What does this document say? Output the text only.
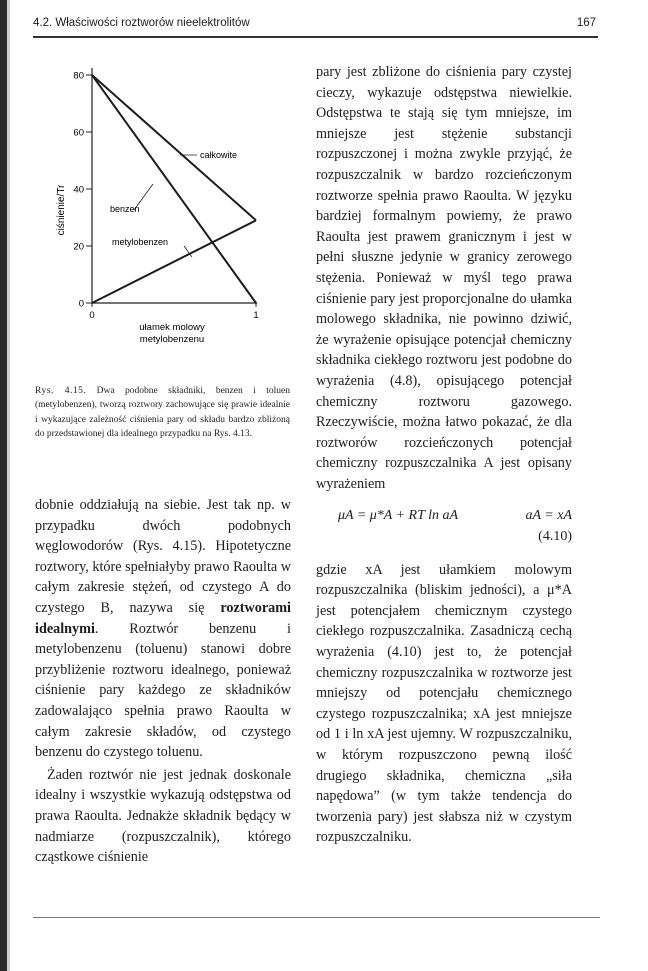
4.2. Właściwości roztworów nieelektrolitów	167
ciśnienie/Tr
ułamek molowy
metylobenzenu
0
20
40
60
80
0	1
całkowite
benzen
metylobenzen
Rys. 4.15. Dwa podobne składniki, benzen i toluen (metylobenzen), tworzą roztwory zachowujące się prawie idealnie i wykazujące zależność ciśnienia pary od składu bardzo zbliżoną do przedstawionej dla idealnego przypadku na Rys. 4.13.

dobnie oddziałują na siebie. Jest tak np. w przypadku dwóch podobnych węglowodorów (Rys. 4.15). Hipotetyczne roztwory, które spełniałyby prawo Raoulta w całym zakresie stężeń, od czystego A do czystego B, nazywa się roztworami idealnymi. Roztwór benzenu i metylobenzenu (toluenu) stanowi dobre przybliżenie roztworu idealnego, ponieważ ciśnienie pary każdego ze składników zadowalająco spełnia prawo Raoulta w całym zakresie składów, od czystego benzenu do czystego toluenu.

Żaden roztwór nie jest jednak doskonale idealny i wszystkie wykazują odstępstwa od prawa Raoulta. Jednakże składnik będący w nadmiarze (rozpuszczalnik), którego cząstkowe ciśnienie

pary jest zbliżone do ciśnienia pary czystej cieczy, wykazuje odstępstwa niewielkie. Odstępstwa te stają się tym mniejsze, im mniejsze jest stężenie substancji rozpuszczonej i można zwykle przyjąć, że rozpuszczalnik w bardzo rozcieńczonym roztworze spełnia prawo Raoulta. W języku bardziej formalnym powiemy, że prawo Raoulta jest prawem granicznym i jest w pełni słuszne jedynie w granicy zerowego stężenia. Ponieważ w myśl tego prawa ciśnienie pary jest proporcjonalne do ułamka molowego składnika, nie powinno dziwić, że wyrażenie opisujące potencjał chemiczny składnika ciekłego roztworu jest podobne do wyrażenia (4.8), opisującego potencjał chemiczny roztworu gazowego. Rzeczywiście, można łatwo pokazać, że dla roztworów rozcieńczonych potencjał chemiczny rozpuszczalnika A jest opisany wyrażeniem

μA = μ*A + RT ln aA	aA = xA
(4.10)

gdzie xA jest ułamkiem molowym rozpuszczalnika (bliskim jedności), a μ*A jest potencjałem chemicznym czystego ciekłego rozpuszczalnika. Zasadniczą cechą wyrażenia (4.10) jest to, że potencjał chemiczny rozpuszczalnika w roztworze jest mniejszy od potencjału chemicznego czystego rozpuszczalnika; xA jest mniejsze od 1 i ln xA jest ujemny. W rozpuszczalniku, w którym rozpuszczono pewną ilość drugiego składnika, chemiczna „siła napędowa” (w tym także tendencja do tworzenia pary) jest słabsza niż w czystym rozpuszczalniku.
